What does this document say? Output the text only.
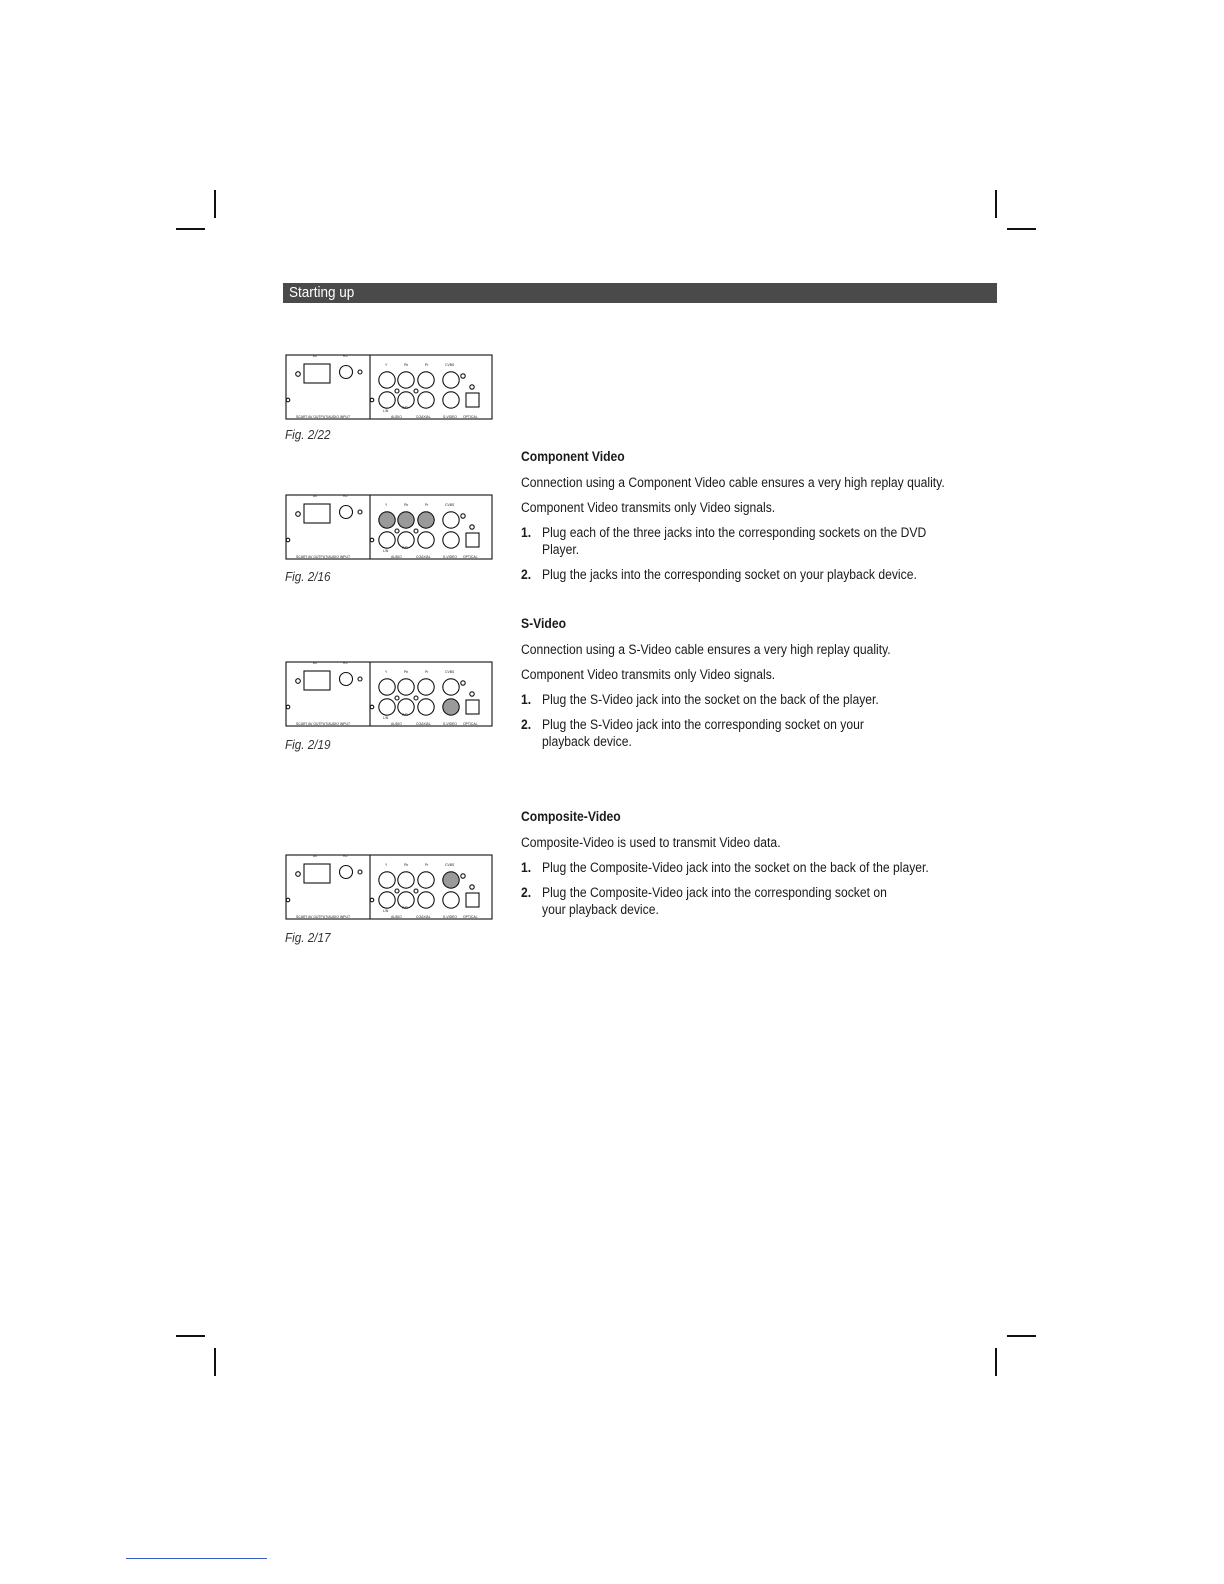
Starting up
AV	R5
Y	Pb	Pr	CVBS
L/N
R/R
SCART AV OUTPUT/AUDIO INPUT	AUDIO	COAXIAL	S-VIDEO OPTICAL
Fig. 2/22
AV	R5
Y	Pb	Pr	CVBS
L/N
R/R
SCART AV OUTPUT/AUDIO INPUT	AUDIO	COAXIAL	S-VIDEO OPTICAL
Fig. 2/16
AV	R5
Y	Pb	Pr	CVBS
L/N
R/R
SCART AV OUTPUT/AUDIO INPUT	AUDIO	COAXIAL	S-VIDEO OPTICAL
Fig. 2/19
AV	R5
Y	Pb	Pr	CVBS
L/N
R/R
SCART AV OUTPUT/AUDIO INPUT	AUDIO	COAXIAL	S-VIDEO OPTICAL
Fig. 2/17
Component Video
Connection using a Component Video cable ensures a very high replay quality.
Component Video transmits only Video signals.
1. Plug each of the three jacks into the corresponding sockets on the DVD Player.
2. Plug the jacks into the corresponding socket on your playback device.
S-Video
Connection using a S-Video cable ensures a very high replay quality.
Component Video transmits only Video signals.
1. Plug the S-Video jack into the socket on the back of the player.
2. Plug the S-Video jack into the corresponding socket on your playback device.
Composite-Video
Composite-Video is used to transmit Video data.
1. Plug the Composite-Video jack into the socket on the back of the player.
2. Plug the Composite-Video jack into the corresponding socket on your playback device.
